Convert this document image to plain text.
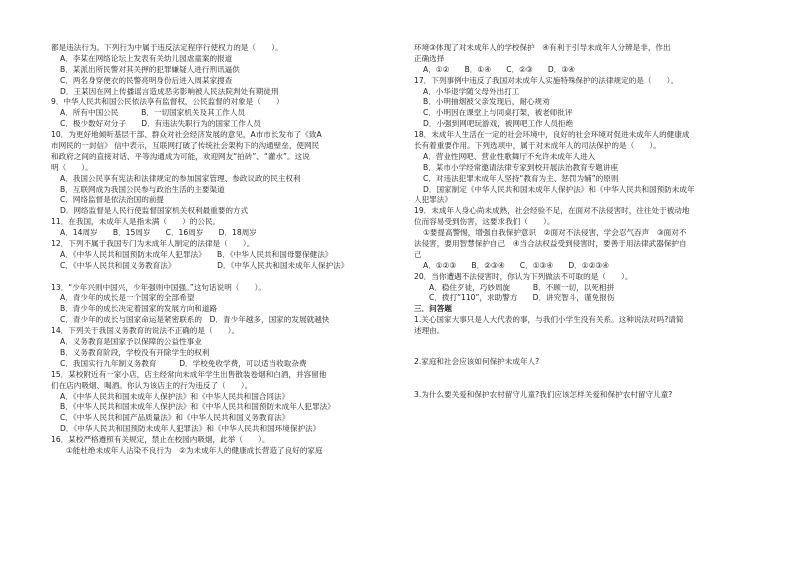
都是违法行为。下列行为中属于违反法定程序行使权力的是（　　）。
A．李某在网络论坛上发表有关幼儿园虐童案的报道
B．某派出所民警对其关押的犯罪嫌疑人进行刑讯逼供
C．两名身穿便衣的民警亮明身份后进入周某家搜查
D．王某因在网上传播谣言造成恶劣影响被人民法院判处有期徒刑
9．中华人民共和国公民依法享有监督权，公民监督的对象是（　　）
A．所有中国公民　　　B．一切国家机关及其工作人员
C．极少数好对分子　　D．有违法失职行为的国家工作人员
10．为更好地倾听基层干部、群众对社会经济发展的意见，A市市长发布了《致A
市网民的一封信》 信中表示，互联网打破了传统社会架构下的沟通壁垒，使网民
和政府之间的直接对话、平等沟通成为可能，欢迎网友“拍砖”、“灌水”。这说
明（　　）。
A．我国公民享有宪法和法律规定的参加国家管理、参政议政的民主权利
B．互联网成为我国公民参与政治生活的主要渠道
C．网络监督是依法治国的前提
D．网络监督是人民行使监督国家机关权利最重要的方式
11．在我国，未成年人是指未满（　　）的公民。
A．14周岁　　B．15周岁　　C．16周岁　　D．18周岁
12．下列不属于我国专门为未成年人制定的法律是（　　）。
A．《中华人民共和国预防未成年人犯罪法》　　B．《中华人民共和国母婴保健法》
C．《中华人民共和国义务教育法》　　　　　　D．《中华人民共和国未成年人保护法》
13．“少年兴则中国兴，少年强则中国强。”这句话说明（　　）。
A．青少年的成长是一个国家的全部希望
B．青少年的成长决定着国家的发展方向和道路
C．青少年的成长与国家命运是紧密联系的　D．青少年越多，国家的发展就越快
14．下列关于我国义务教育的说法不正确的是（　　）。
A．义务教育是国家予以保障的公益性事业
B．义务教育阶段，学校没有开除学生的权利
C．我国实行九年制义务教育　　　D．学校免收学费，可以适当收取杂费
15．某校附近有一家小店，店主经常向未成年学生出售散装卷烟和白酒，并容留他
们在店内吸烟、喝酒。你认为该店主的行为违反了（　　）。
A．《中华人民共和国未成年人保护法》和《中华人民共和国合同法》
B．《中华人民共和国未成年人保护法》和《中华人民共和国预防未成年人犯罪法》
C．《中华人民共和国产品质量法》和《中华人民共和国义务教育法》
D．《中华人民共和国预防未成年人犯罪法》和《中华人民共和国环境保护法》
16．某校严格遵照有关规定，禁止在校园内吸烟，此举（　　）。
①能杜绝未成年人沾染不良行为　②为未成年人的健康成长营造了良好的家庭
环境③体现了对未成年人的学校保护　④有利于引导未成年人分辨是非，作出
正确选择
A．①②　　B．①④　　C．②③　　D．③④
17．下列事例中违反了我国对未成年人实施特殊保护的法律规定的是（　　）。
A．小华退学随父母外出打工
B．小明抽烟被父亲发现后，耐心规劝
C．小明因在课堂上与同桌打架，被老师批评
D．小强到网吧玩游戏，被网吧工作人员拒绝
18．未成年人生活在一定的社会环境中，良好的社会环境对促进未成年人的健康成
长有着重要作用。下列选项中，属于对未成年人的司法保护的是（　　）。
A．营业性网吧、营业性歌舞厅不允许未成年人进入
B．某市小学经常邀请法律专家到校开展法治教育专题讲座
C．对违法犯罪未成年人坚持“教育为主、惩罚为辅”的原则
D．国家制定《中华人民共和国未成年人保护法》和《中华人民共和国预防未成年
人犯罪法》
19．未成年人身心尚未成熟，社会经验不足，在面对不法侵害时，往往处于被动地
位而容易受到伤害，这要求我们（　　）。
①要提高警惕，增强自我保护意识　②面对不法侵害，学会忍气吞声　③面对不
法侵害，要用智慧保护自己　④当合法权益受到侵害时，要善于用法律武器保护自
己
A．①②③　　B．②③④　　C．①③④　　D．①②③④
20．当你遭遇不法侵害时，你认为下列做法不可取的是（　　）。
A．稳住歹徒，巧妙周旋　　　B．不顾一切，以死相拼
C．拨打“110”，求助警方　　D．讲究智斗，谨免报伤
三．问答题
1.关心国家大事只是人大代表的事，与我们小学生没有关系。这种说法对吗?请简
述理由。
2.家庭和社会应该如何保护未成年人?
3.为什么要关爱和保护农村留守儿童?我们应该怎样关爱和保护农村留守儿童?
